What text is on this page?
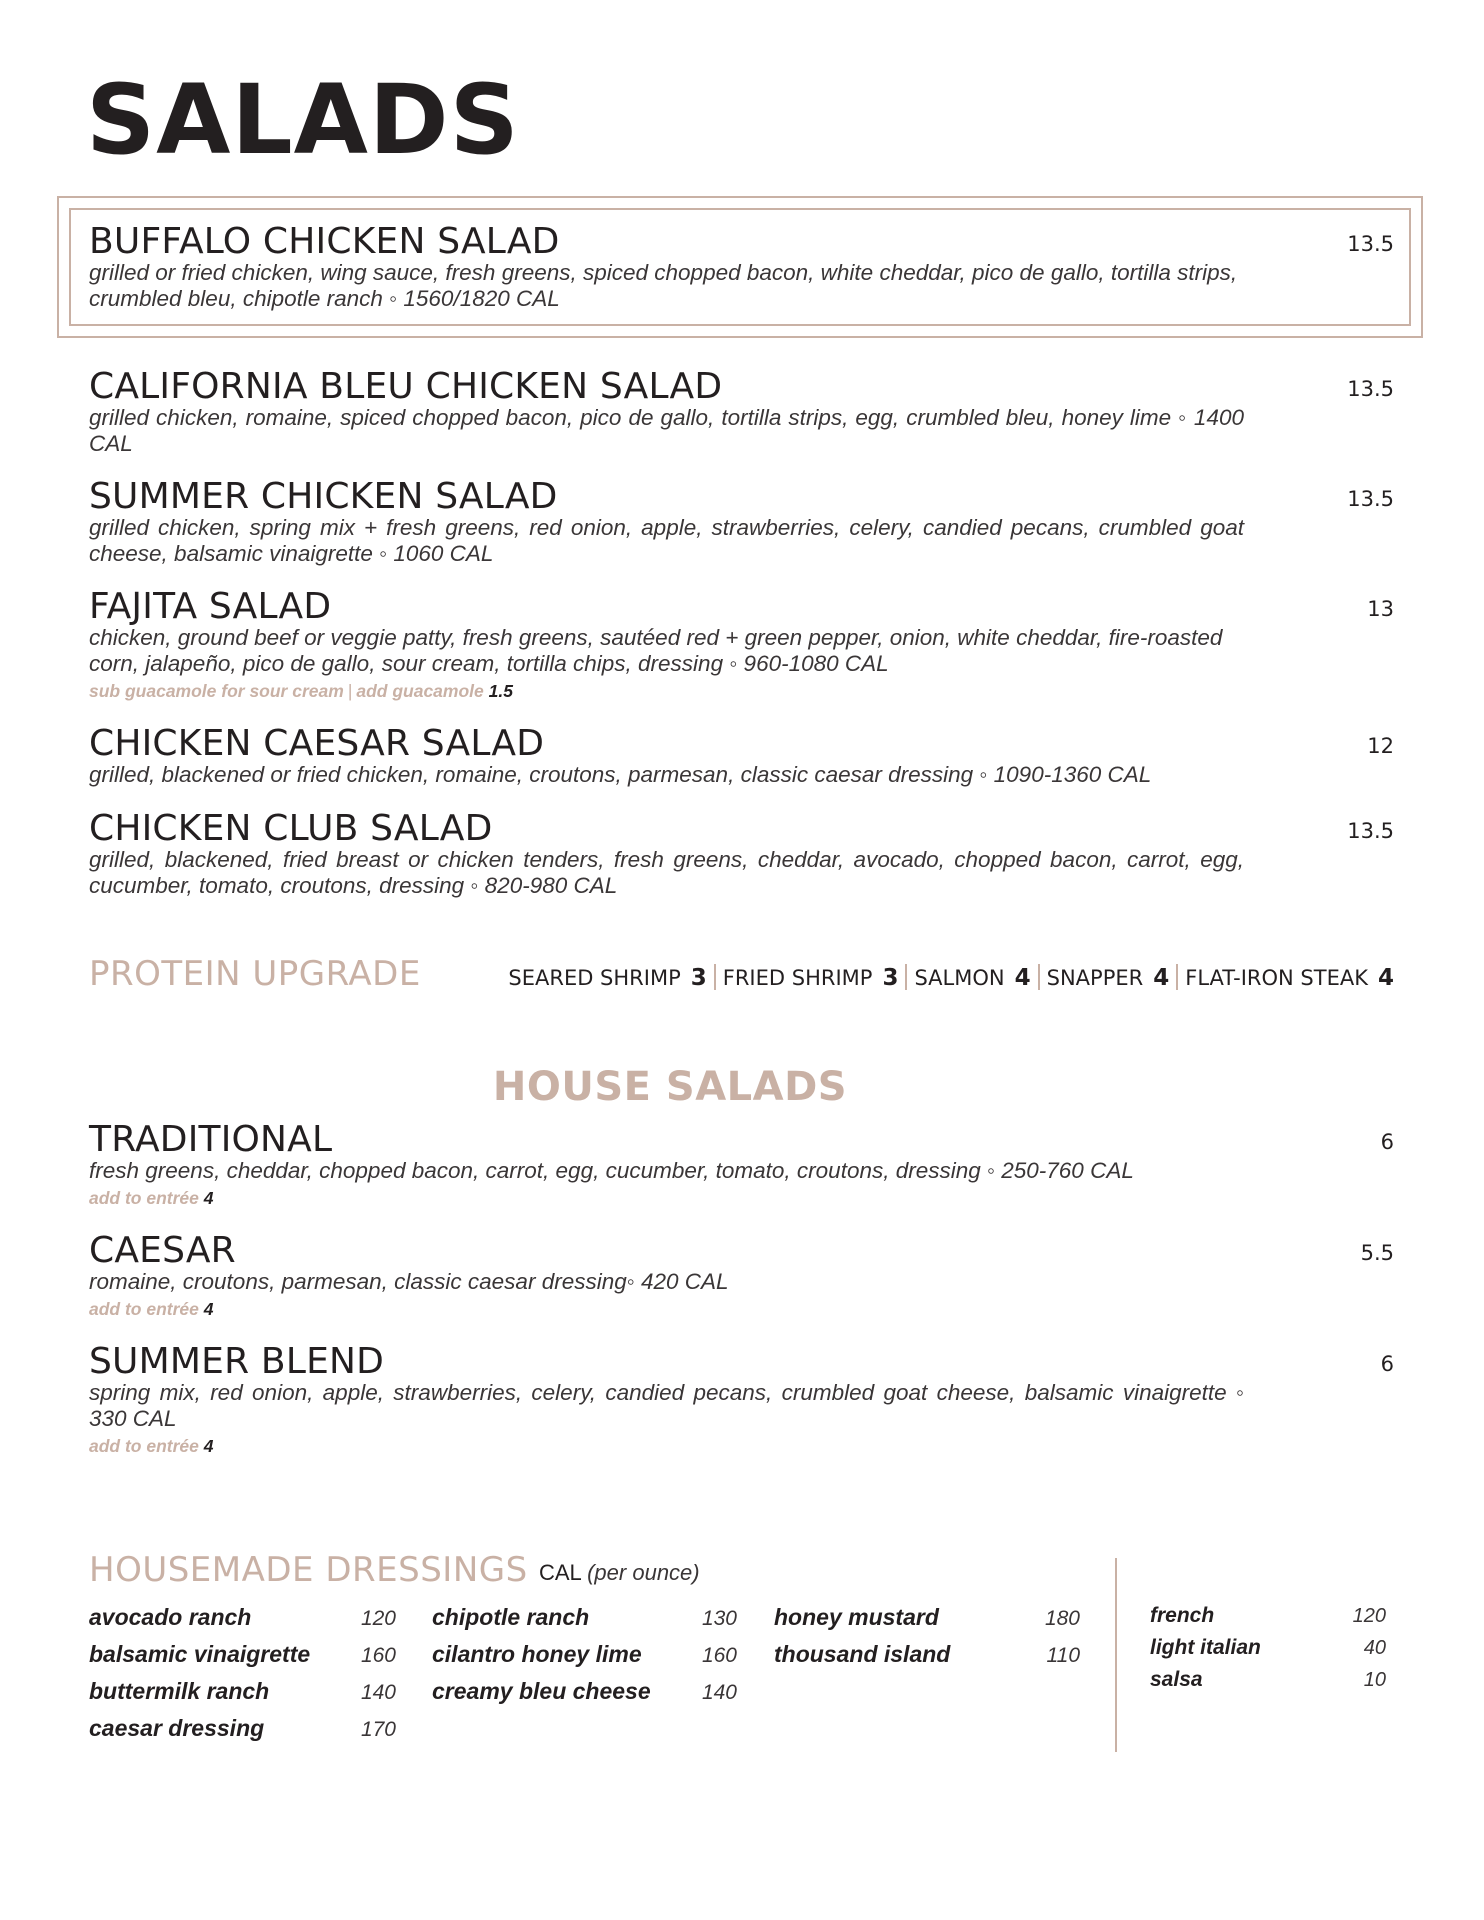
SALADS
BUFFALO CHICKEN SALAD	13.5
grilled or fried chicken, wing sauce, fresh greens, spiced chopped bacon, white cheddar, pico de gallo, tortilla strips, crumbled bleu, chipotle ranch ◦ 1560/1820 CAL
CALIFORNIA BLEU CHICKEN SALAD	13.5
grilled chicken, romaine, spiced chopped bacon, pico de gallo, tortilla strips, egg, crumbled bleu, honey lime ◦ 1400 CAL
SUMMER CHICKEN SALAD	13.5
grilled chicken, spring mix + fresh greens, red onion, apple, strawberries, celery, candied pecans, crumbled goat cheese, balsamic vinaigrette ◦ 1060 CAL
FAJITA SALAD	13
chicken, ground beef or veggie patty, fresh greens, sautéed red + green pepper, onion, white cheddar, fire-roasted corn, jalapeño, pico de gallo, sour cream, tortilla chips, dressing ◦ 960-1080 CAL
sub guacamole for sour cream | add guacamole 1.5
CHICKEN CAESAR SALAD	12
grilled, blackened or fried chicken, romaine, croutons, parmesan, classic caesar dressing ◦ 1090-1360 CAL
CHICKEN CLUB SALAD	13.5
grilled, blackened, fried breast or chicken tenders, fresh greens, cheddar, avocado, chopped bacon, carrot, egg, cucumber, tomato, croutons, dressing ◦ 820-980 CAL
PROTEIN UPGRADE	SEARED SHRIMP 3 FRIED SHRIMP 3 SALMON 4 SNAPPER 4 FLAT-IRON STEAK 4
HOUSE SALADS
TRADITIONAL	6
fresh greens, cheddar, chopped bacon, carrot, egg, cucumber, tomato, croutons, dressing ◦ 250-760 CAL
add to entrée 4
CAESAR	5.5
romaine, croutons, parmesan, classic caesar dressing◦ 420 CAL
add to entrée 4
SUMMER BLEND	6
spring mix, red onion, apple, strawberries, celery, candied pecans, crumbled goat cheese, balsamic vinaigrette ◦ 330 CAL
add to entrée 4
HOUSEMADE DRESSINGS CAL (per ounce)
avocado ranch	120
balsamic vinaigrette 160
buttermilk ranch	140
caesar dressing	170
chipotle ranch	130
cilantro honey lime	160
creamy bleu cheese 140
honey mustard	180
thousand island	110
french	120
light italian	40
salsa	10
